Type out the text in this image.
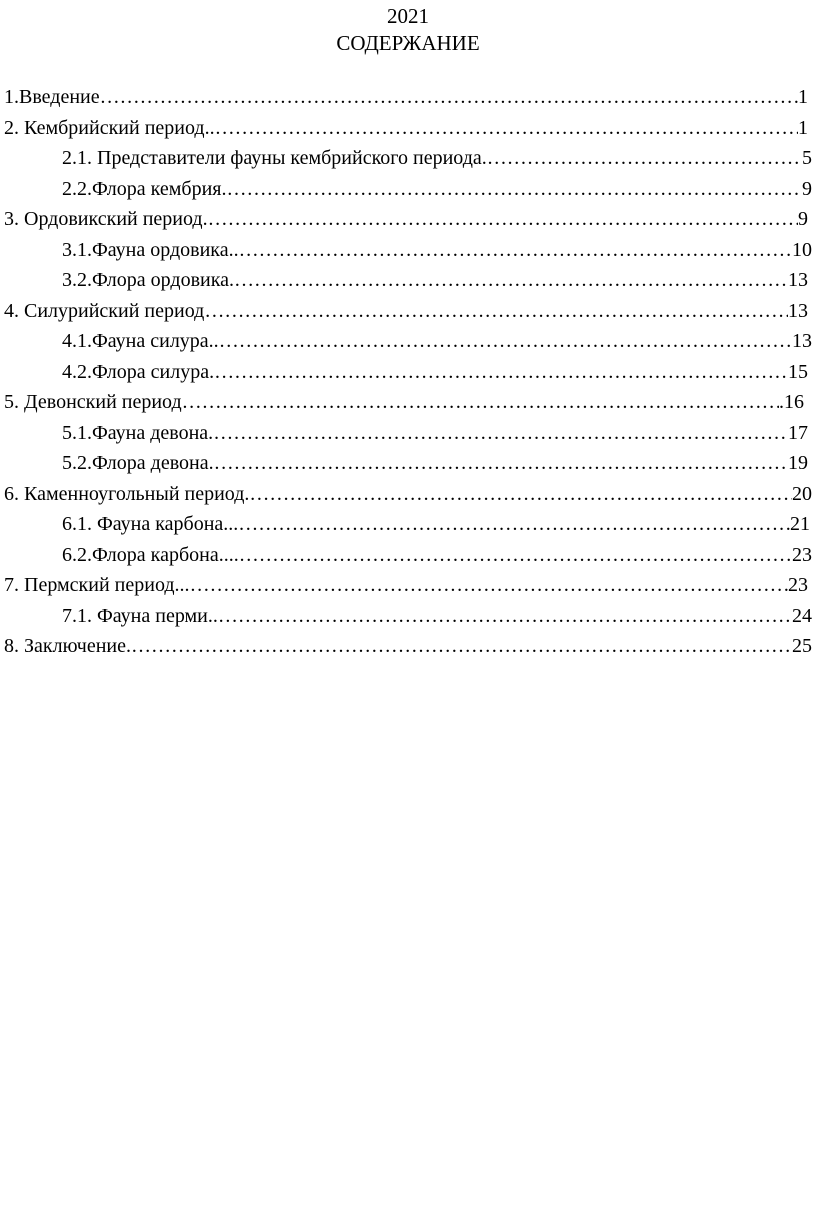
2021
СОДЕРЖАНИЕ
1.Введение …………………………………………………………………………………………………………………………………………………………………	1
2. Кембрийский период.. …………………………………………………………………………………………………………………………………………………………………	1
2.1. Представители фауны кембрийского периода. …………………………………………………………………………………………………………………………………………………………………	5
2.2.Флора кембрия. …………………………………………………………………………………………………………………………………………………………………	9
3. Ордовикский период. …………………………………………………………………………………………………………………………………………………………………	9
3.1.Фауна ордовика.. …………………………………………………………………………………………………………………………………………………………………	10
3.2.Флора ордовика. …………………………………………………………………………………………………………………………………………………………………	13
4. Силурийский период …………………………………………………………………………………………………………………………………………………………………	13
4.1.Фауна силура.. …………………………………………………………………………………………………………………………………………………………………	13
4.2.Флора силура. …………………………………………………………………………………………………………………………………………………………………	15
5. Девонский период …………………………………………………………………………………………………………………………………………………………………	.16
5.1.Фауна девона. …………………………………………………………………………………………………………………………………………………………………	17
5.2.Флора девона. …………………………………………………………………………………………………………………………………………………………………	19
6. Каменноугольный период. …………………………………………………………………………………………………………………………………………………………………	20
6.1. Фауна карбона... …………………………………………………………………………………………………………………………………………………………………	21
6.2.Флора карбона.... …………………………………………………………………………………………………………………………………………………………………	23
7. Пермский период... …………………………………………………………………………………………………………………………………………………………………	23
7.1. Фауна перми.. …………………………………………………………………………………………………………………………………………………………………	24
8. Заключение. …………………………………………………………………………………………………………………………………………………………………	25
